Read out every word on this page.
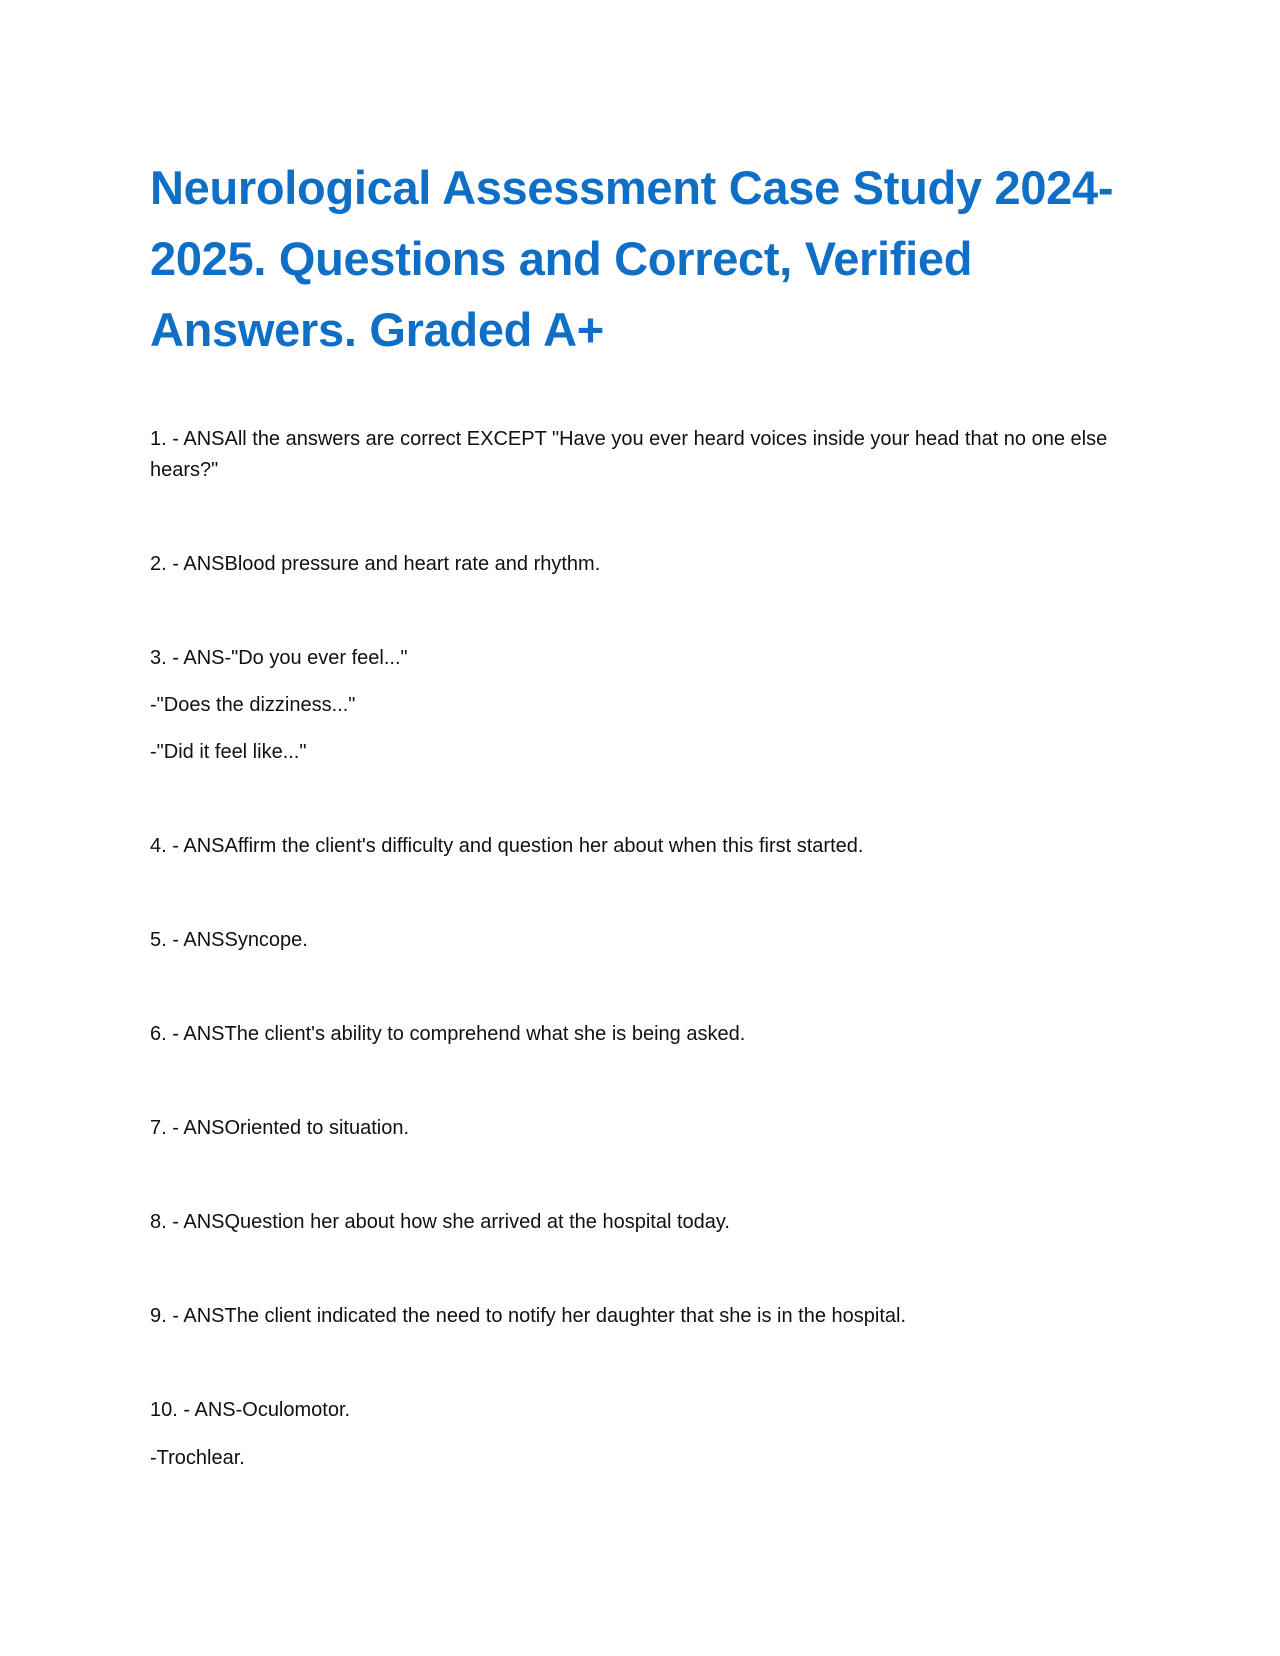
Neurological Assessment Case Study 2024-
2025. Questions and Correct, Verified
Answers. Graded A+

1. - ANSAll the answers are correct EXCEPT "Have you ever heard voices inside your head that no one else hears?"

2. - ANSBlood pressure and heart rate and rhythm.

3. - ANS-"Do you ever feel..."

-"Does the dizziness..."

-"Did it feel like..."

4. - ANSAffirm the client's difficulty and question her about when this first started.

5. - ANSSyncope.

6. - ANSThe client's ability to comprehend what she is being asked.

7. - ANSOriented to situation.

8. - ANSQuestion her about how she arrived at the hospital today.

9. - ANSThe client indicated the need to notify her daughter that she is in the hospital.

10. - ANS-Oculomotor.

-Trochlear.
